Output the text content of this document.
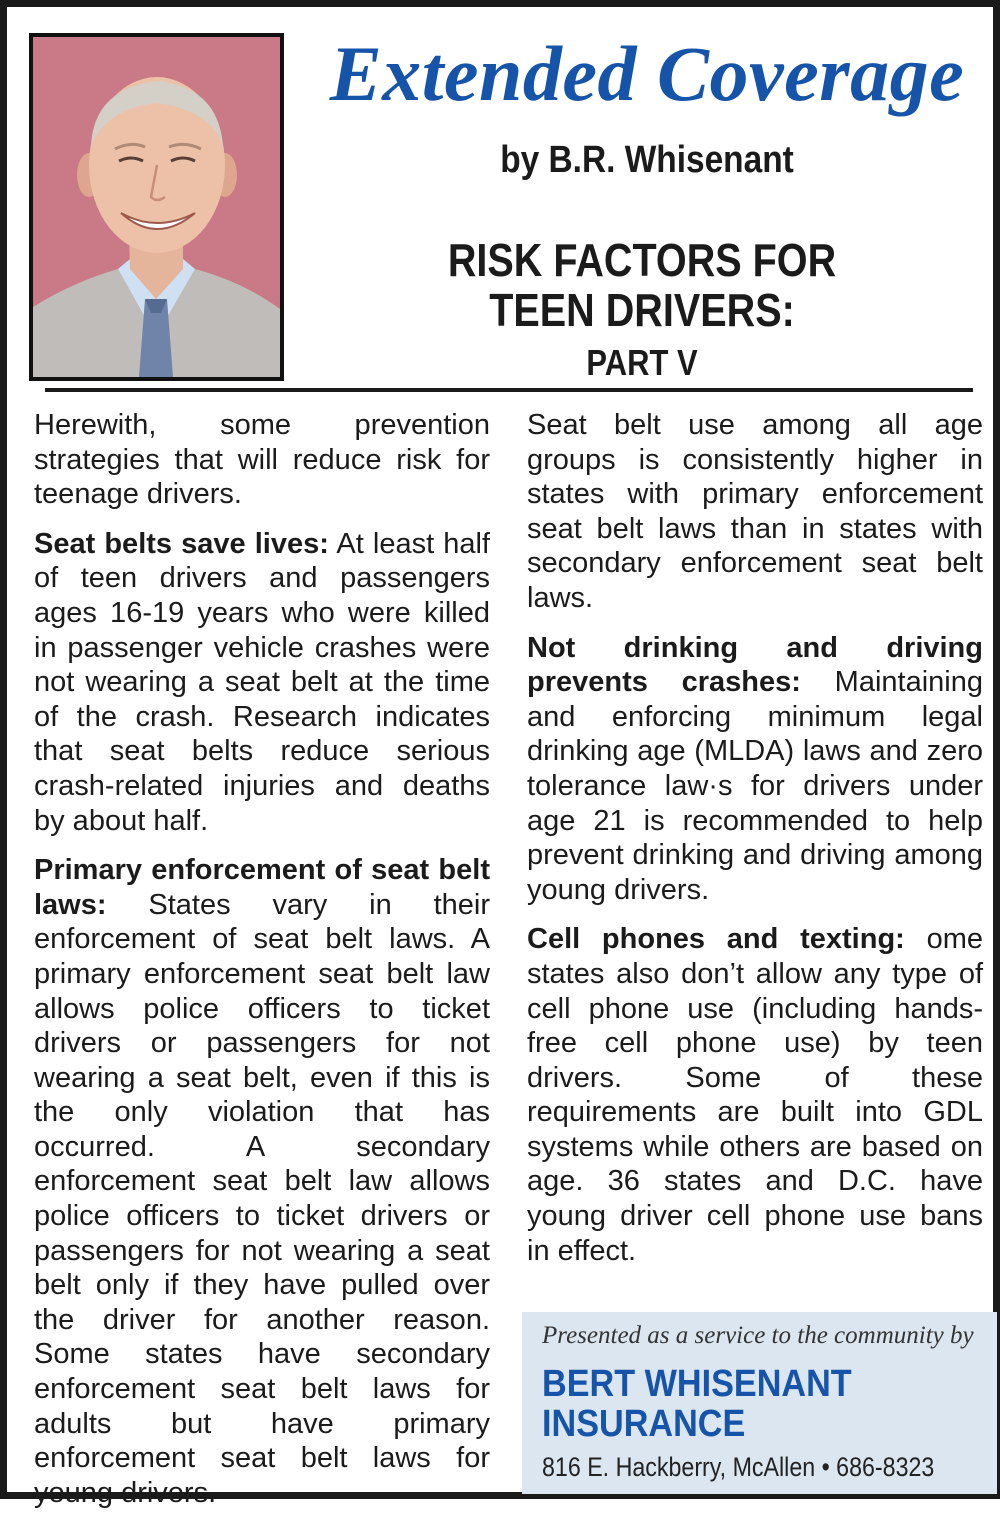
Extended Coverage
by B.R. Whisenant
RISK FACTORS FOR
TEEN DRIVERS:
PART V

Herewith, some prevention strategies that will reduce risk for teenage drivers.

Seat belts save lives: At least half of teen drivers and passengers ages 16-19 years who were killed in passenger vehicle crashes were not wearing a seat belt at the time of the crash. Research indicates that seat belts reduce serious crash-related injuries and deaths by about half.

Primary enforcement of seat belt laws: States vary in their enforcement of seat belt laws. A primary enforcement seat belt law allows police officers to ticket drivers or passengers for not wearing a seat belt, even if this is the only violation that has occurred. A secondary enforcement seat belt law allows police officers to ticket drivers or passengers for not wearing a seat belt only if they have pulled over the driver for another reason. Some states have secondary enforcement seat belt laws for adults but have primary enforcement seat belt laws for young drivers.

Seat belt use among all age groups is consistently higher in states with primary enforcement seat belt laws than in states with secondary enforcement seat belt laws.

Not drinking and driving prevents crashes: Maintaining and enforcing minimum legal drinking age (MLDA) laws and zero tolerance law·s for drivers under age 21 is recommended to help prevent drinking and driving among young drivers.

Cell phones and texting: ome states also don’t allow any type of cell phone use (including hands-free cell phone use) by teen drivers. Some of these requirements are built into GDL systems while others are based on age. 36 states and D.C. have young driver cell phone use bans in effect.

Presented as a service to the community by

BERT WHISENANT
INSURANCE
816 E. Hackberry, McAllen • 686-8323
